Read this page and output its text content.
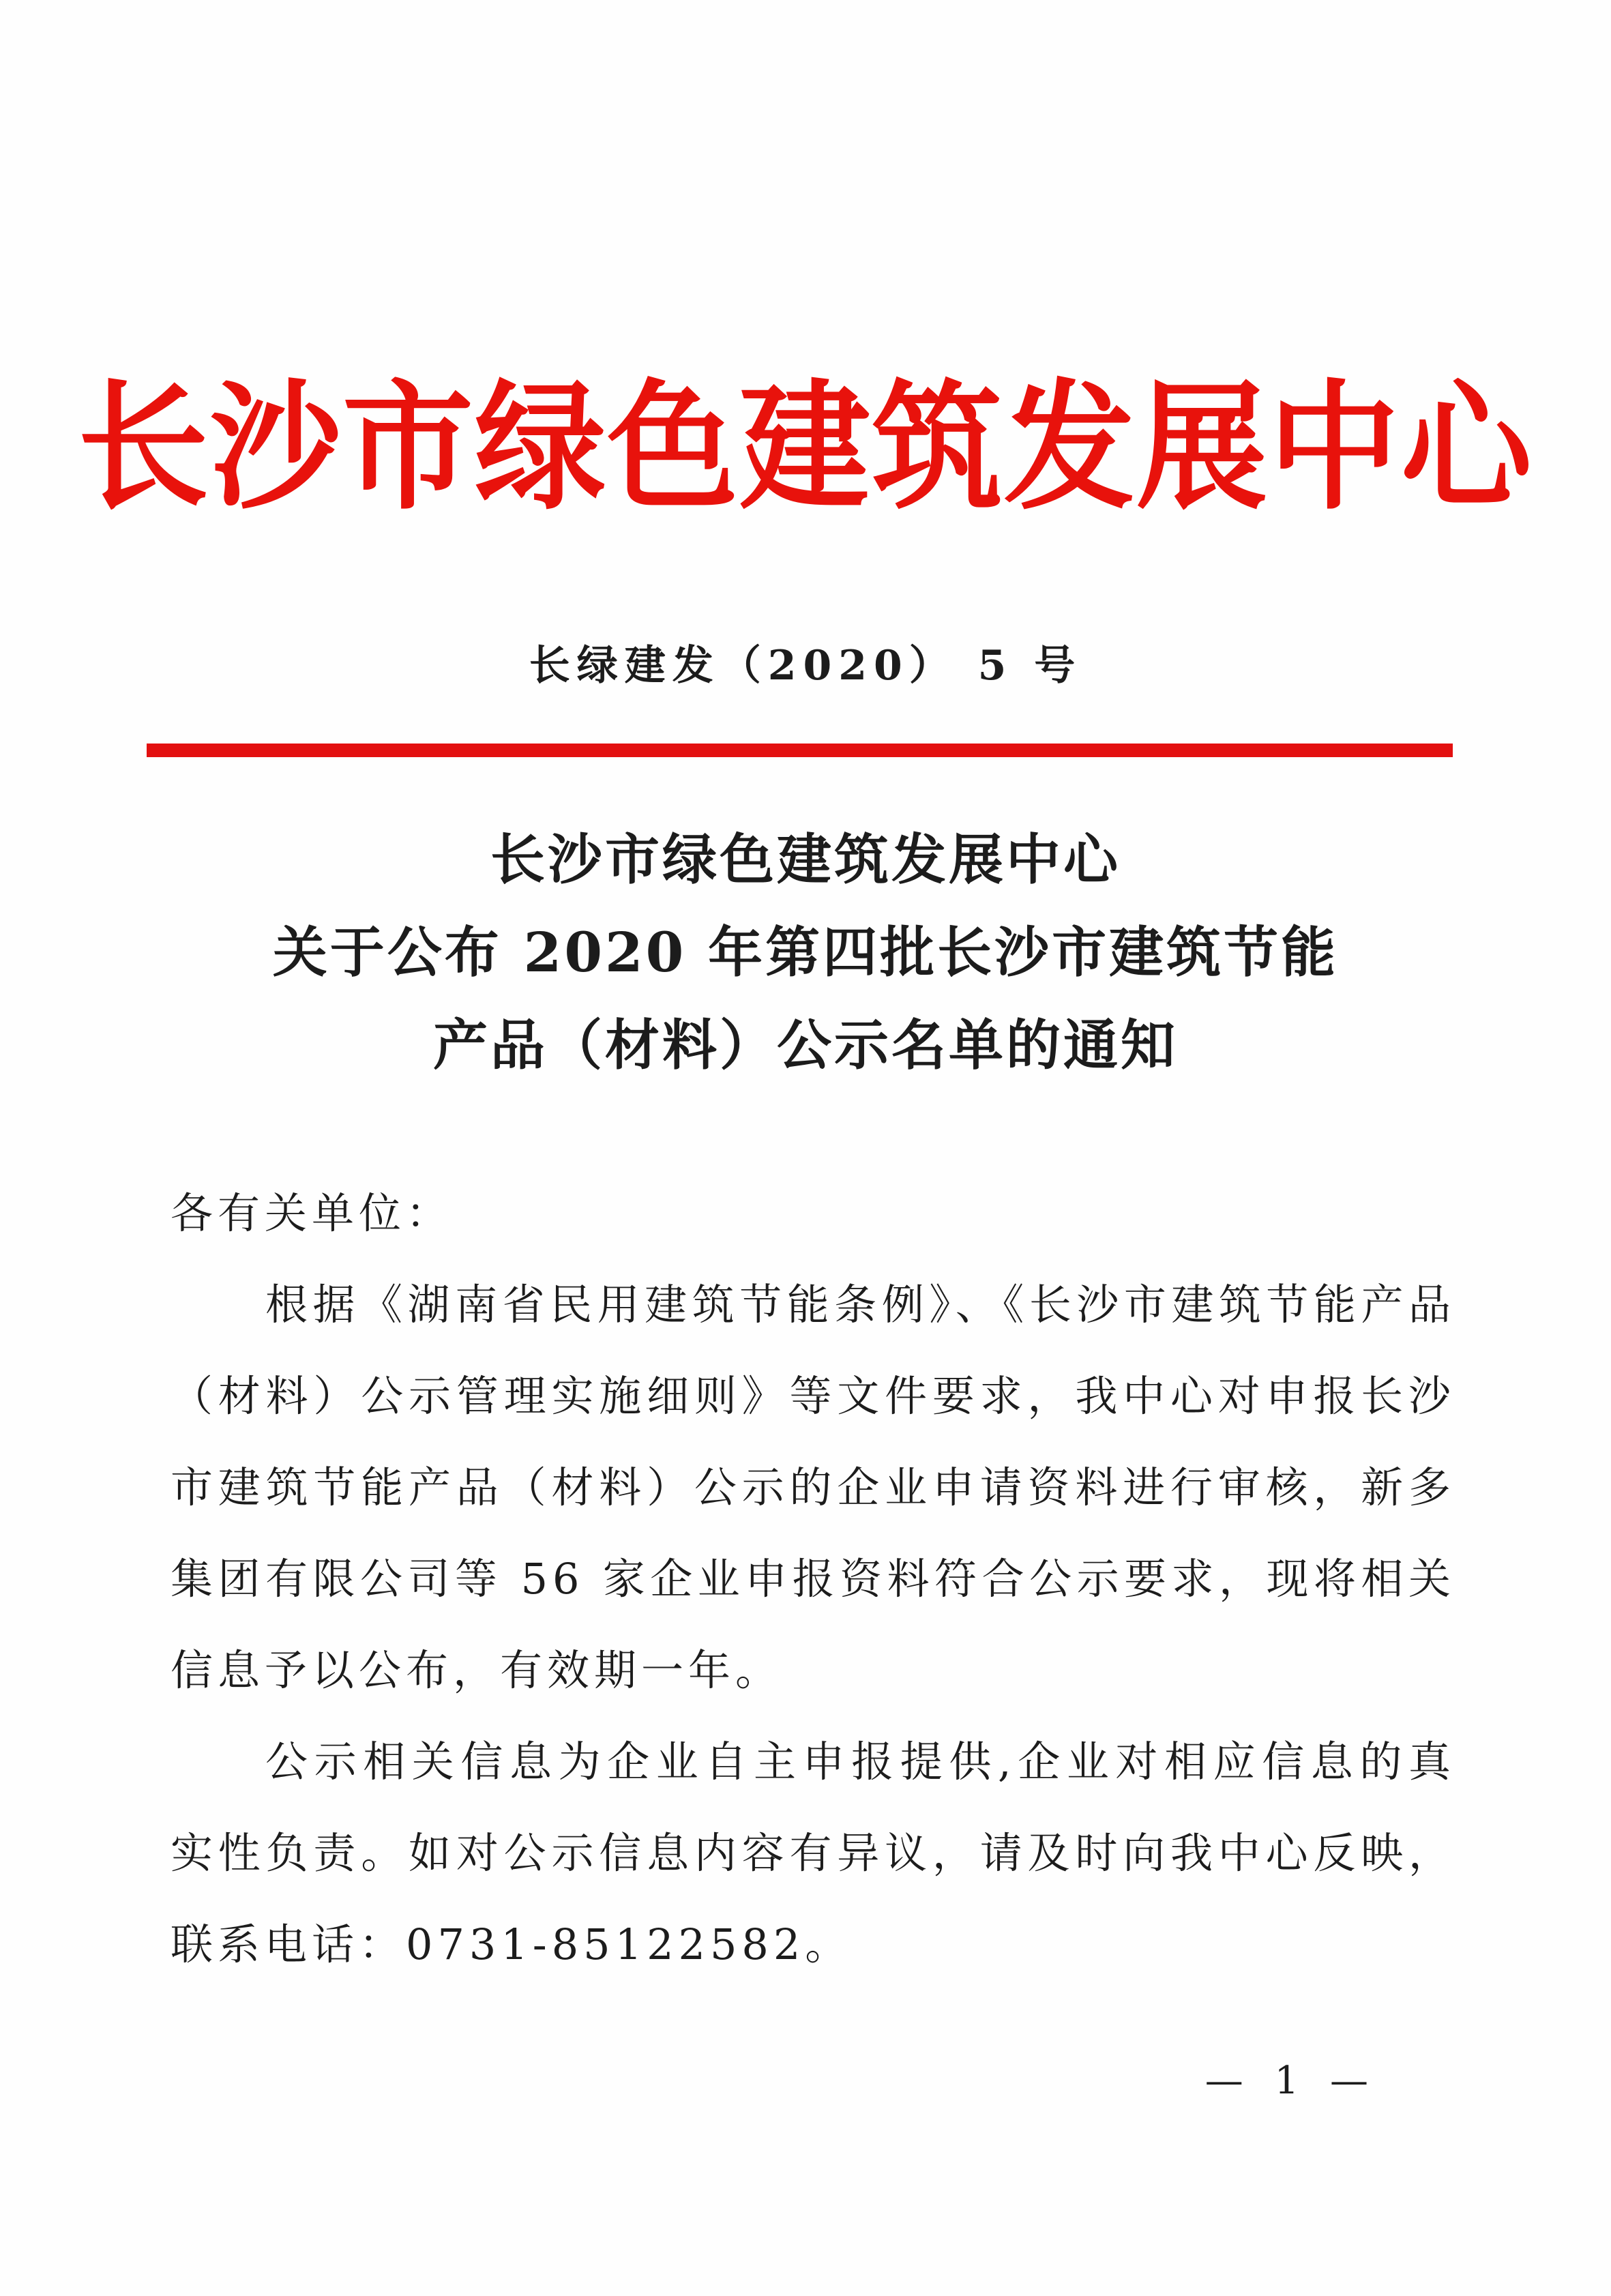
长沙市绿色建筑发展中心
长绿建发（2020） 5 号
长沙市绿色建筑发展中心
关于公布 2020 年第四批长沙市建筑节能
产品（材料）公示名单的通知

各有关单位：

根据《湖南省民用建筑节能条例》、《长沙市建筑节能产品（材料）公示管理实施细则》等文件要求，我中心对申报长沙市建筑节能产品（材料）公示的企业申请资料进行审核，新多集团有限公司等 56 家企业申报资料符合公示要求，现将相关信息予以公布，有效期一年。

公示相关信息为企业自主申报提供,企业对相应信息的真实性负责。如对公示信息内容有异议，请及时向我中心反映，联系电话：0731-85122582。

— 1 —
